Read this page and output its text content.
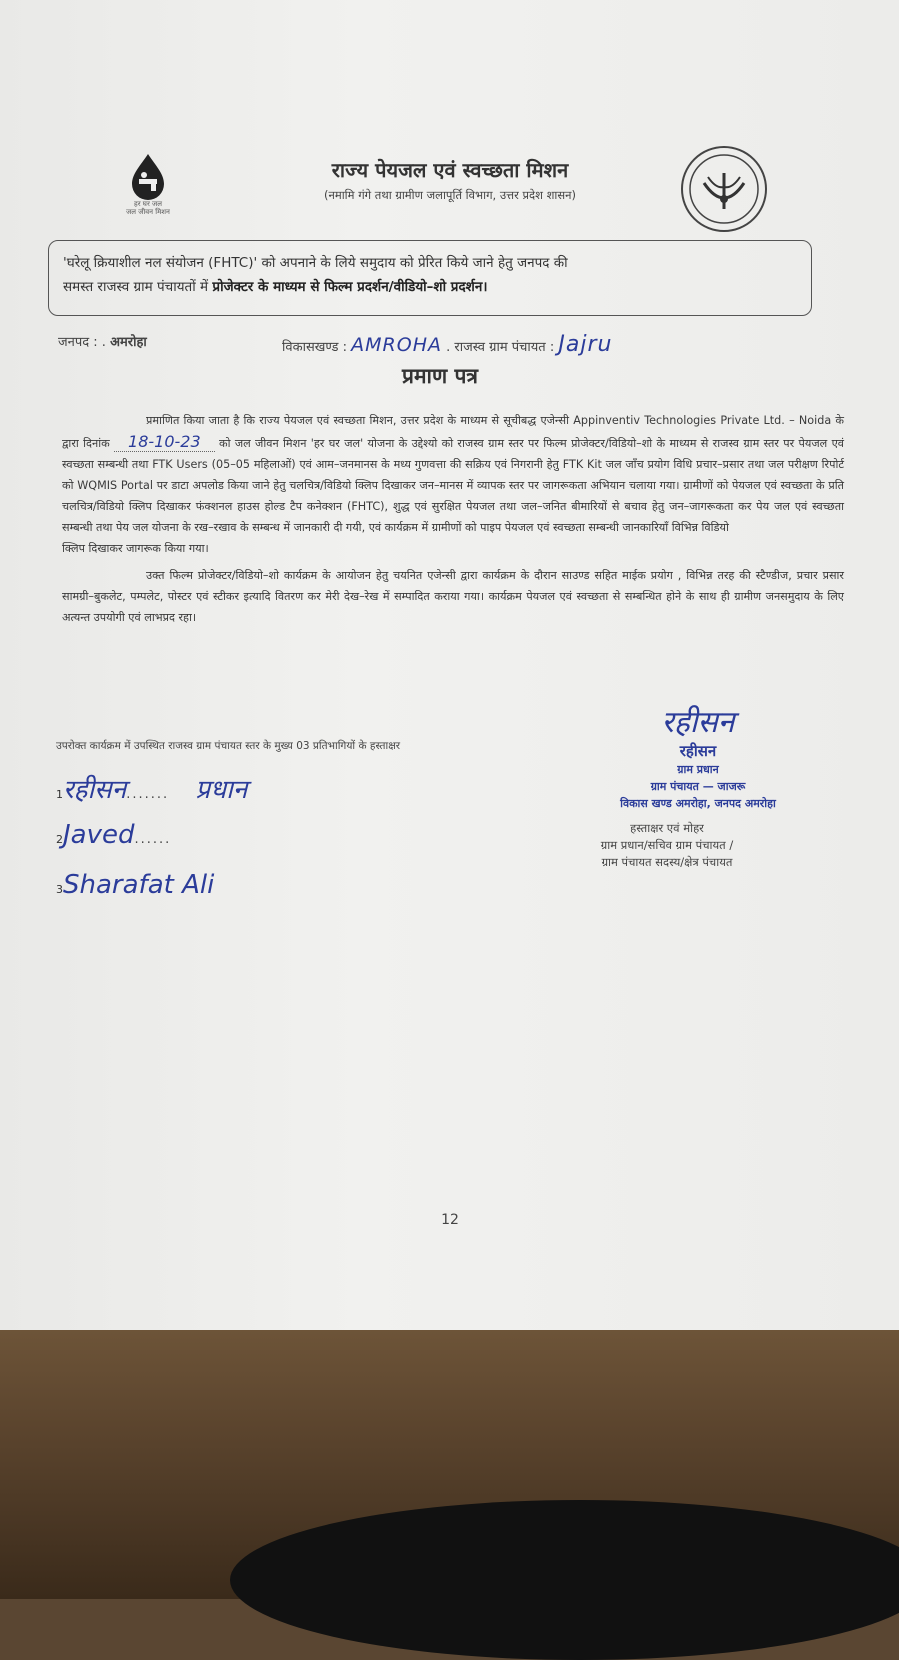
हर घर जल
जल जीवन मिशन
राज्य पेयजल एवं स्वच्छता मिशन
(नमामि गंगे तथा ग्रामीण जलापूर्ति विभाग, उत्तर प्रदेश शासन)
'घरेलू क्रियाशील नल संयोजन (FHTC)' को अपनाने के लिये समुदाय को प्रेरित किये जाने हेतु जनपद की
समस्त राजस्व ग्राम पंचायतों में प्रोजेक्टर के माध्यम से फिल्म प्रदर्शन/वीडियो–शो प्रदर्शन।
जनपद : . अमरोहा	विकासखण्ड : AMROHA . राजस्व ग्राम पंचायत : Jajru
प्रमाण पत्र

प्रमाणित किया जाता है कि राज्य पेयजल एवं स्वच्छता मिशन, उत्तर प्रदेश के माध्यम से सूचीबद्ध एजेन्सी Appinventiv Technologies Private Ltd. – Noida के द्वारा दिनांक 18-10-23 को जल जीवन मिशन 'हर घर जल' योजना के उद्देश्यो को राजस्व ग्राम स्तर पर फिल्म प्रोजेक्टर/विडियो–शो के माध्यम से राजस्व ग्राम स्तर पर पेयजल एवं स्वच्छता सम्बन्धी तथा FTK Users (05–05 महिलाओं) एवं आम–जनमानस के मध्य गुणवत्ता की सक्रिय एवं निगरानी हेतु FTK Kit जल जाँच प्रयोग विधि प्रचार–प्रसार तथा जल परीक्षण रिपोर्ट को WQMIS Portal पर डाटा अपलोड किया जाने हेतु चलचित्र/विडियो क्लिप दिखाकर जन–मानस में व्यापक स्तर पर जागरूकता अभियान चलाया गया। ग्रामीणों को पेयजल एवं स्वच्छता के प्रति चलचित्र/विडियो क्लिप दिखाकर फंक्शनल हाउस होल्ड टैप कनेक्शन (FHTC), शुद्ध एवं सुरक्षित पेयजल तथा जल–जनित बीमारियों से बचाव हेतु जन–जागरूकता कर पेय जल एवं स्वच्छता सम्बन्धी तथा पेय जल योजना के रख–रखाव के सम्बन्ध में जानकारी दी गयी, एवं कार्यक्रम में ग्रामीणों को पाइप पेयजल एवं स्वच्छता सम्बन्धी जानकारियाँ विभिन्न विडियो

क्लिप दिखाकर जागरूक किया गया।

उक्त फिल्म प्रोजेक्टर/विडियो–शो कार्यक्रम के आयोजन हेतु चयनित एजेन्सी द्वारा कार्यक्रम के दौरान साउण्ड सहित माईक प्रयोग , विभिन्न तरह की स्टैण्डीज, प्रचार प्रसार सामग्री–बुकलेट, पम्पलेट, पोस्टर एवं स्टीकर इत्यादि वितरण कर मेरी देख–रेख में सम्पादित कराया गया। कार्यक्रम पेयजल एवं स्वच्छता से सम्बन्धित होने के साथ ही ग्रामीण जनसमुदाय के लिए अत्यन्त उपयोगी एवं लाभप्रद रहा।

उपरोक्त कार्यक्रम में उपस्थित राजस्व ग्राम पंचायत स्तर के मुख्य 03 प्रतिभागियों के हस्ताक्षर
1रहीसन....... प्रधान
2Javed......
3Sharafat Ali
रहीसन
रहीसन
ग्राम प्रधान
ग्राम पंचायत — जाजरू
विकास खण्ड अमरोहा, जनपद अमरोहा
हस्ताक्षर एवं मोहर
ग्राम प्रधान/सचिव ग्राम पंचायत /
ग्राम पंचायत सदस्य/क्षेत्र पंचायत
12
